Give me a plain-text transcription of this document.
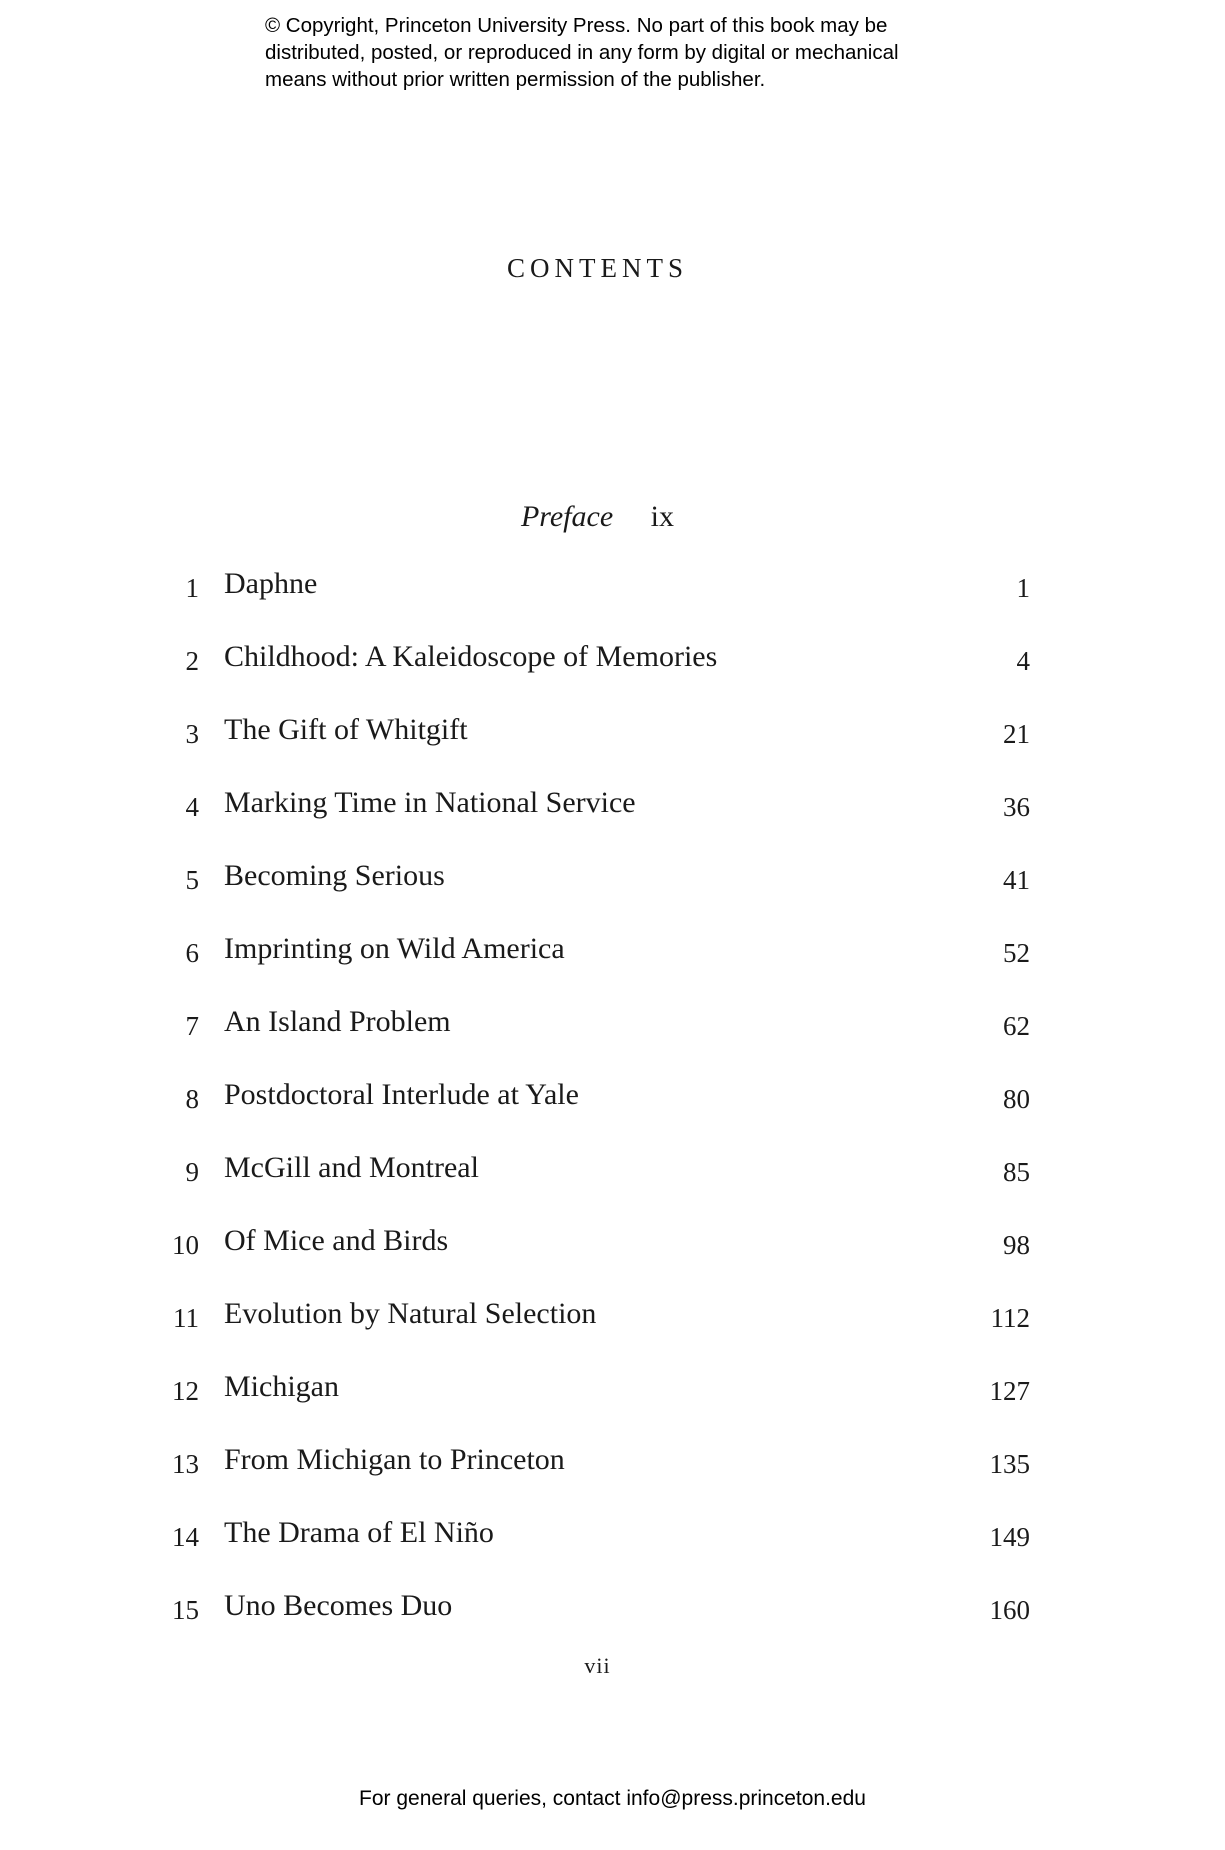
© Copyright, Princeton University Press. No part of this book may be
distributed, posted, or reproduced in any form by digital or mechanical
means without prior written permission of the publisher.
CONTENTS
Preface ix
1 Daphne	1
2 Childhood: A Kaleidoscope of Memories	4
3 The Gift of Whitgift	21
4 Marking Time in National Service	36
5 Becoming Serious	41
6 Imprinting on Wild America	52
7 An Island Problem	62
8 Postdoctoral Interlude at Yale	80
9 McGill and Montreal	85
10 Of Mice and Birds	98
11 Evolution by Natural Selection	112
12 Michigan	127
13 From Michigan to Princeton	135
14 The Drama of El Niño	149
15 Uno Becomes Duo	160
vii
For general queries, contact info@press.princeton.edu
